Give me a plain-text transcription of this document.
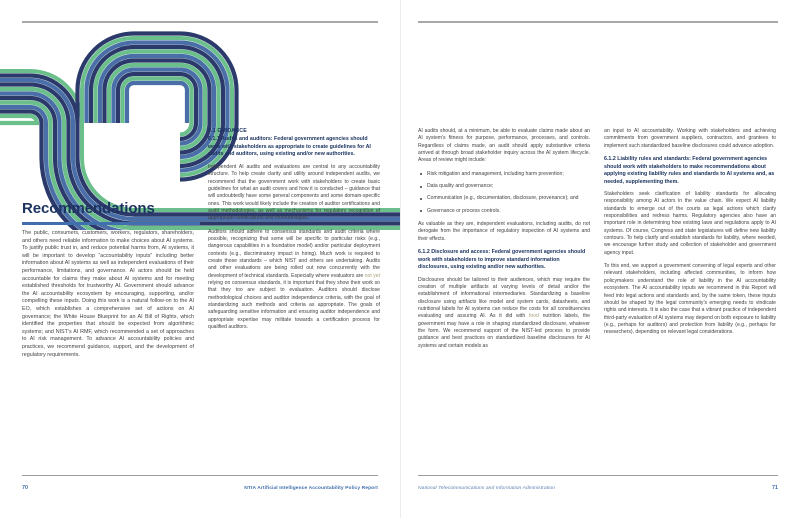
Recommendations

The public, consumers, customers, workers, regulators, shareholders, and others need reliable information to make choices about AI systems. To justify public trust in, and reduce potential harms from, AI systems, it will be important to develop “accountability inputs” including better information about AI systems as well as independent evaluations of their performance, limitations, and governance. AI actors should be held accountable for claims they make about AI systems and for meeting established thresholds for trustworthy AI. Government should advance the AI accountability ecosystem by encouraging, supporting, and/or compelling these inputs. Doing this work is a natural follow-on to the AI EO, which establishes a comprehensive set of actions on AI governance; the White House Blueprint for an AI Bill of Rights, which identified the properties that should be expected from algorithmic systems; and NIST’s AI RMF, which recommended a set of approaches to AI risk management. To advance AI accountability policies and practices, we recommend guidance, support, and the development of regulatory requirements.

6.1 GUIDANCE
6.1.1 Audits and auditors: Federal government agencies should work with stakeholders as appropriate to create guidelines for AI audits and auditors, using existing and/or new authorities.

Independent AI audits and evaluations are central to any accountability structure. To help create clarity and utility around independent audits, we recommend that the government work with stakeholders to create basic guidelines for what an audit covers and how it is conducted – guidance that will undoubtedly have some general components and some domain-specific ones. This work would likely include the creation of auditor certifications and audit methodologies, as well as mechanisms for regulatory recognition of appropriate certifications and methodologies.

Auditors should adhere to consensus standards and audit criteria where possible, recognizing that some will be specific to particular risks (e.g., dangerous capabilities in a foundation model) and/or particular deployment contexts (e.g., discriminatory impact in hiring). Much work is required to create those standards – which NIST and others are undertaking. Audits and other evaluations are being rolled out now concurrently with the development of technical standards. Especially where evaluators are not yet relying on consensus standards, it is important that they show their work so that they too are subject to evaluation. Auditors should disclose methodological choices and auditor independence criteria, with the goal of standardizing such methods and criteria as appropriate. The goals of safeguarding sensitive information and ensuring auditor independence and appropriate expertise may militate towards a certification process for qualified auditors.

70	NTIA Artificial Intelligence Accountability Policy Report

AI audits should, at a minimum, be able to evaluate claims made about an AI system’s fitness for purpose, performance, processes, and controls. Regardless of claims made, an audit should apply substantive criteria arrived at through broad stakeholder inquiry across the AI system lifecycle. Areas of review might include:

Risk mitigation and management, including harm prevention;
Data quality and governance;
Communication (e.g., documentation, disclosure, provenance); and
Governance or process controls.

As valuable as they are, independent evaluations, including audits, do not derogate from the importance of regulatory inspection of AI systems and their effects.

6.1.2 Disclosure and access: Federal government agencies should work with stakeholders to improve standard information disclosures, using existing and/or new authorities.

Disclosures should be tailored to their audiences, which may require the creation of multiple artifacts at varying levels of detail and/or the establishment of informational intermediaries. Standardizing a baseline disclosure using artifacts like model and system cards, datasheets, and nutritional labels for AI systems can reduce the costs for all constituencies evaluating and assuring AI. As it did with food nutrition labels, the government may have a role in shaping standardized disclosure, whatever the form. We recommend support of the NIST-led process to provide guidance and best practices on standardized baseline disclosures for AI systems and certain models as

an input to AI accountability. Working with stakeholders and achieving commitments from government suppliers, contractors, and grantees to implement such standardized baseline disclosures could advance adoption.

6.1.2 Liability rules and standards: Federal government agencies should work with stakeholders to make recommendations about applying existing liability rules and standards to AI systems and, as needed, supplementing them.

Stakeholders seek clarification of liability standards for allocating responsibility among AI actors in the value chain. We expect AI liability standards to emerge out of the courts as legal actions which clarify responsibilities and redress harms. Regulatory agencies also have an important role in determining how existing laws and regulations apply to AI systems. Of course, Congress and state legislatures will define new liability contours. To help clarify and establish standards for liability, where needed, we encourage further study and collection of stakeholder and government agency input.

To this end, we support a government convening of legal experts and other relevant stakeholders, including affected communities, to inform how policymakers understand the role of liability in the AI accountability ecosystem. The AI accountability inputs we recommend in this Report will feed into legal actions and standards and, by the same token, these inputs should be shaped by the legal community’s emerging needs to vindicate rights and interests. It is also the case that a vibrant practice of independent third-party evaluation of AI systems may depend on both exposure to liability (e.g., perhaps for auditors) and protection from liability (e.g., perhaps for researchers), depending on relevant legal considerations.

National Telecommunications and Information Administration	71
